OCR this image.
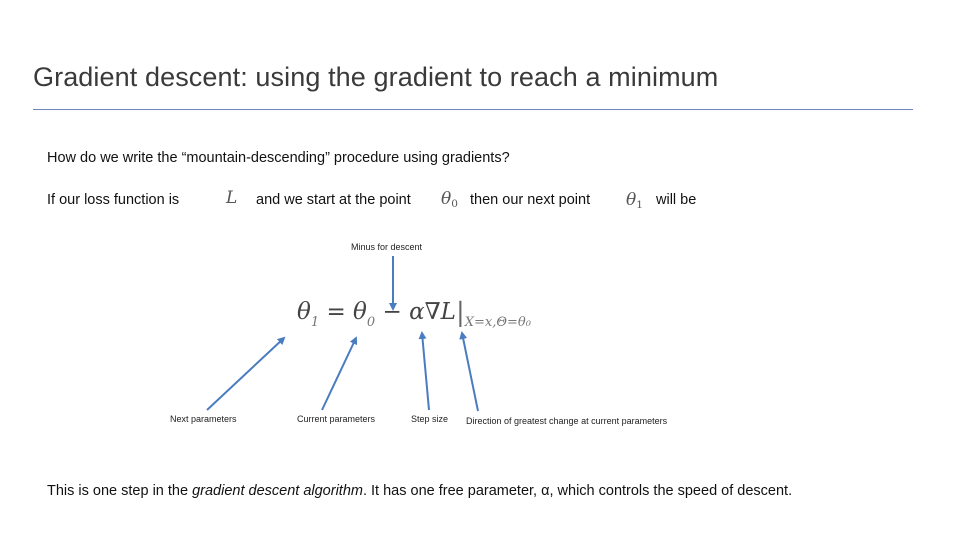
Gradient descent: using the gradient to reach a minimum
How do we write the “mountain-descending” procedure using gradients?
If our loss function is	L and we start at the point $\theta_0$ then our next point $\theta_1$ will be
Minus for descent
$\theta_1 = \theta_0 - \alpha\nabla L|_{X=x,\Theta=\theta_0}$
Next parameters	Current parameters	Step size Direction of greatest change at current parameters
This is one step in the gradient descent algorithm. It has one free parameter, α, which controls the speed of descent.
